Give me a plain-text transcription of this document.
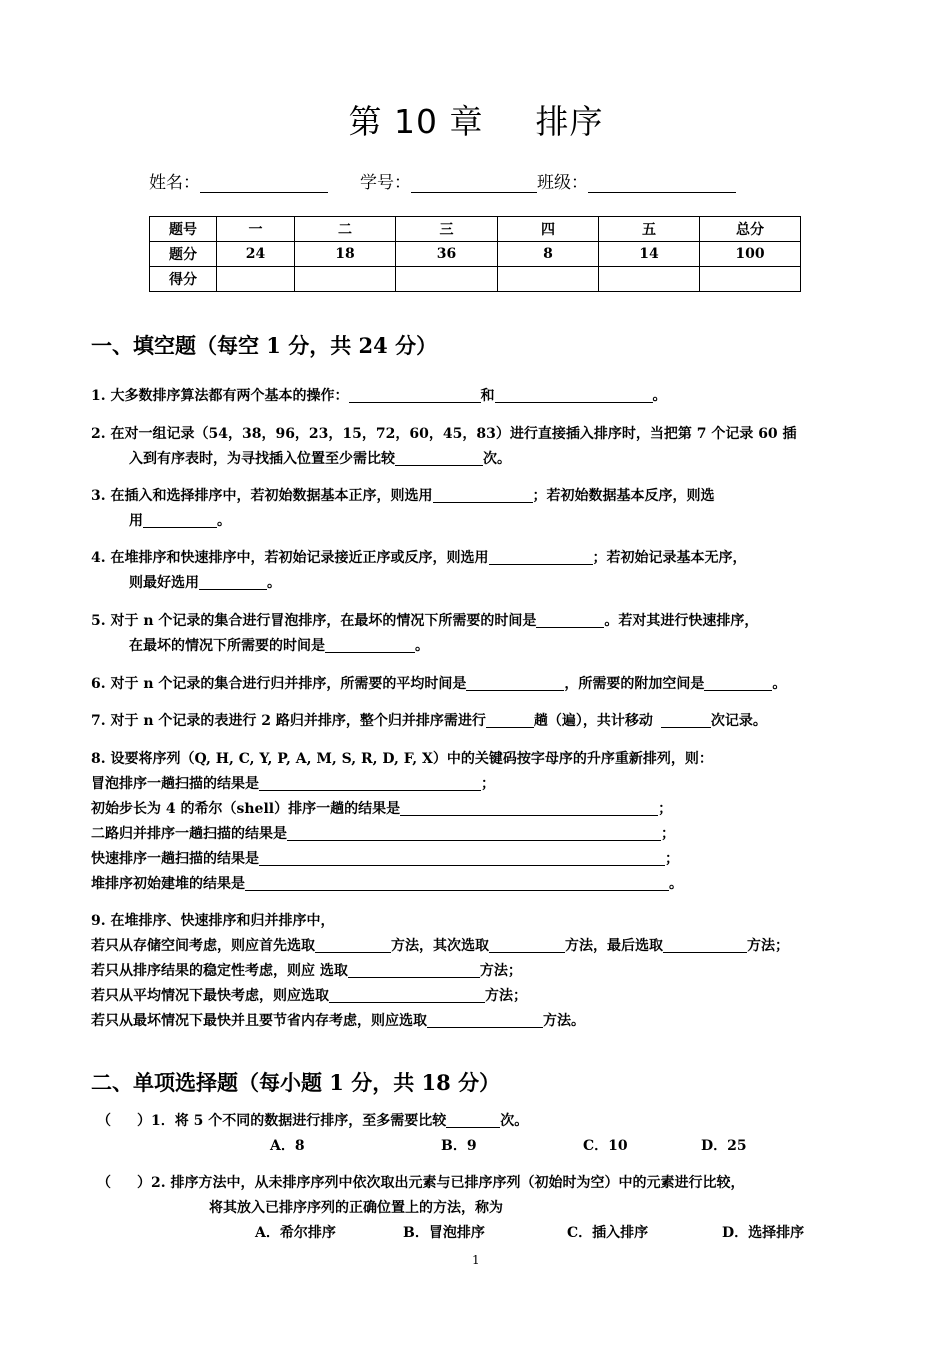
第 10 章 排序
姓名：	学号：	班级：
题号	一	二	三	四	五	总分
题分	24	18	36	8	14	100
得分						
一、填空题（每空 1 分，共 24 分）
1. 大多数排序算法都有两个基本的操作：	和	。
2. 在对一组记录（54，38，96，23，15，72，60，45，83）进行直接插入排序时，当把第 7 个记录 60 插
入到有序表时，为寻找插入位置至少需比较	次。
3. 在插入和选择排序中，若初始数据基本正序，则选用	；若初始数据基本反序，则选
用	。
4. 在堆排序和快速排序中，若初始记录接近正序或反序，则选用	；若初始记录基本无序，
则最好选用	。
5. 对于 n 个记录的集合进行冒泡排序，在最坏的情况下所需要的时间是	。若对其进行快速排序，
在最坏的情况下所需要的时间是	。
6. 对于 n 个记录的集合进行归并排序，所需要的平均时间是	，所需要的附加空间是	。
7. 对于 n 个记录的表进行 2 路归并排序，整个归并排序需进行	趟（遍），共计移动	次记录。
8. 设要将序列（Q, H, C, Y, P, A, M, S, R, D, F, X）中的关键码按字母序的升序重新排列，则：
冒泡排序一趟扫描的结果是	；
初始步长为 4 的希尔（shell）排序一趟的结果是	；
二路归并排序一趟扫描的结果是	；
快速排序一趟扫描的结果是	；
堆排序初始建堆的结果是	。
9. 在堆排序、快速排序和归并排序中，
若只从存储空间考虑，则应首先选取	方法，其次选取	方法，最后选取	方法；
若只从排序结果的稳定性考虑，则应 选取	方法；
若只从平均情况下最快考虑，则应选取	方法；
若只从最坏情况下最快并且要节省内存考虑，则应选取	方法。
二、单项选择题（每小题 1 分，共 18 分）
（ ）1．将 5 个不同的数据进行排序，至多需要比较	次。
A．8	B．9	C．10	D．25
（ ）2. 排序方法中，从未排序序列中依次取出元素与已排序序列（初始时为空）中的元素进行比较，
将其放入已排序序列的正确位置上的方法，称为
A．希尔排序	B．冒泡排序	C．插入排序	D．选择排序
1
